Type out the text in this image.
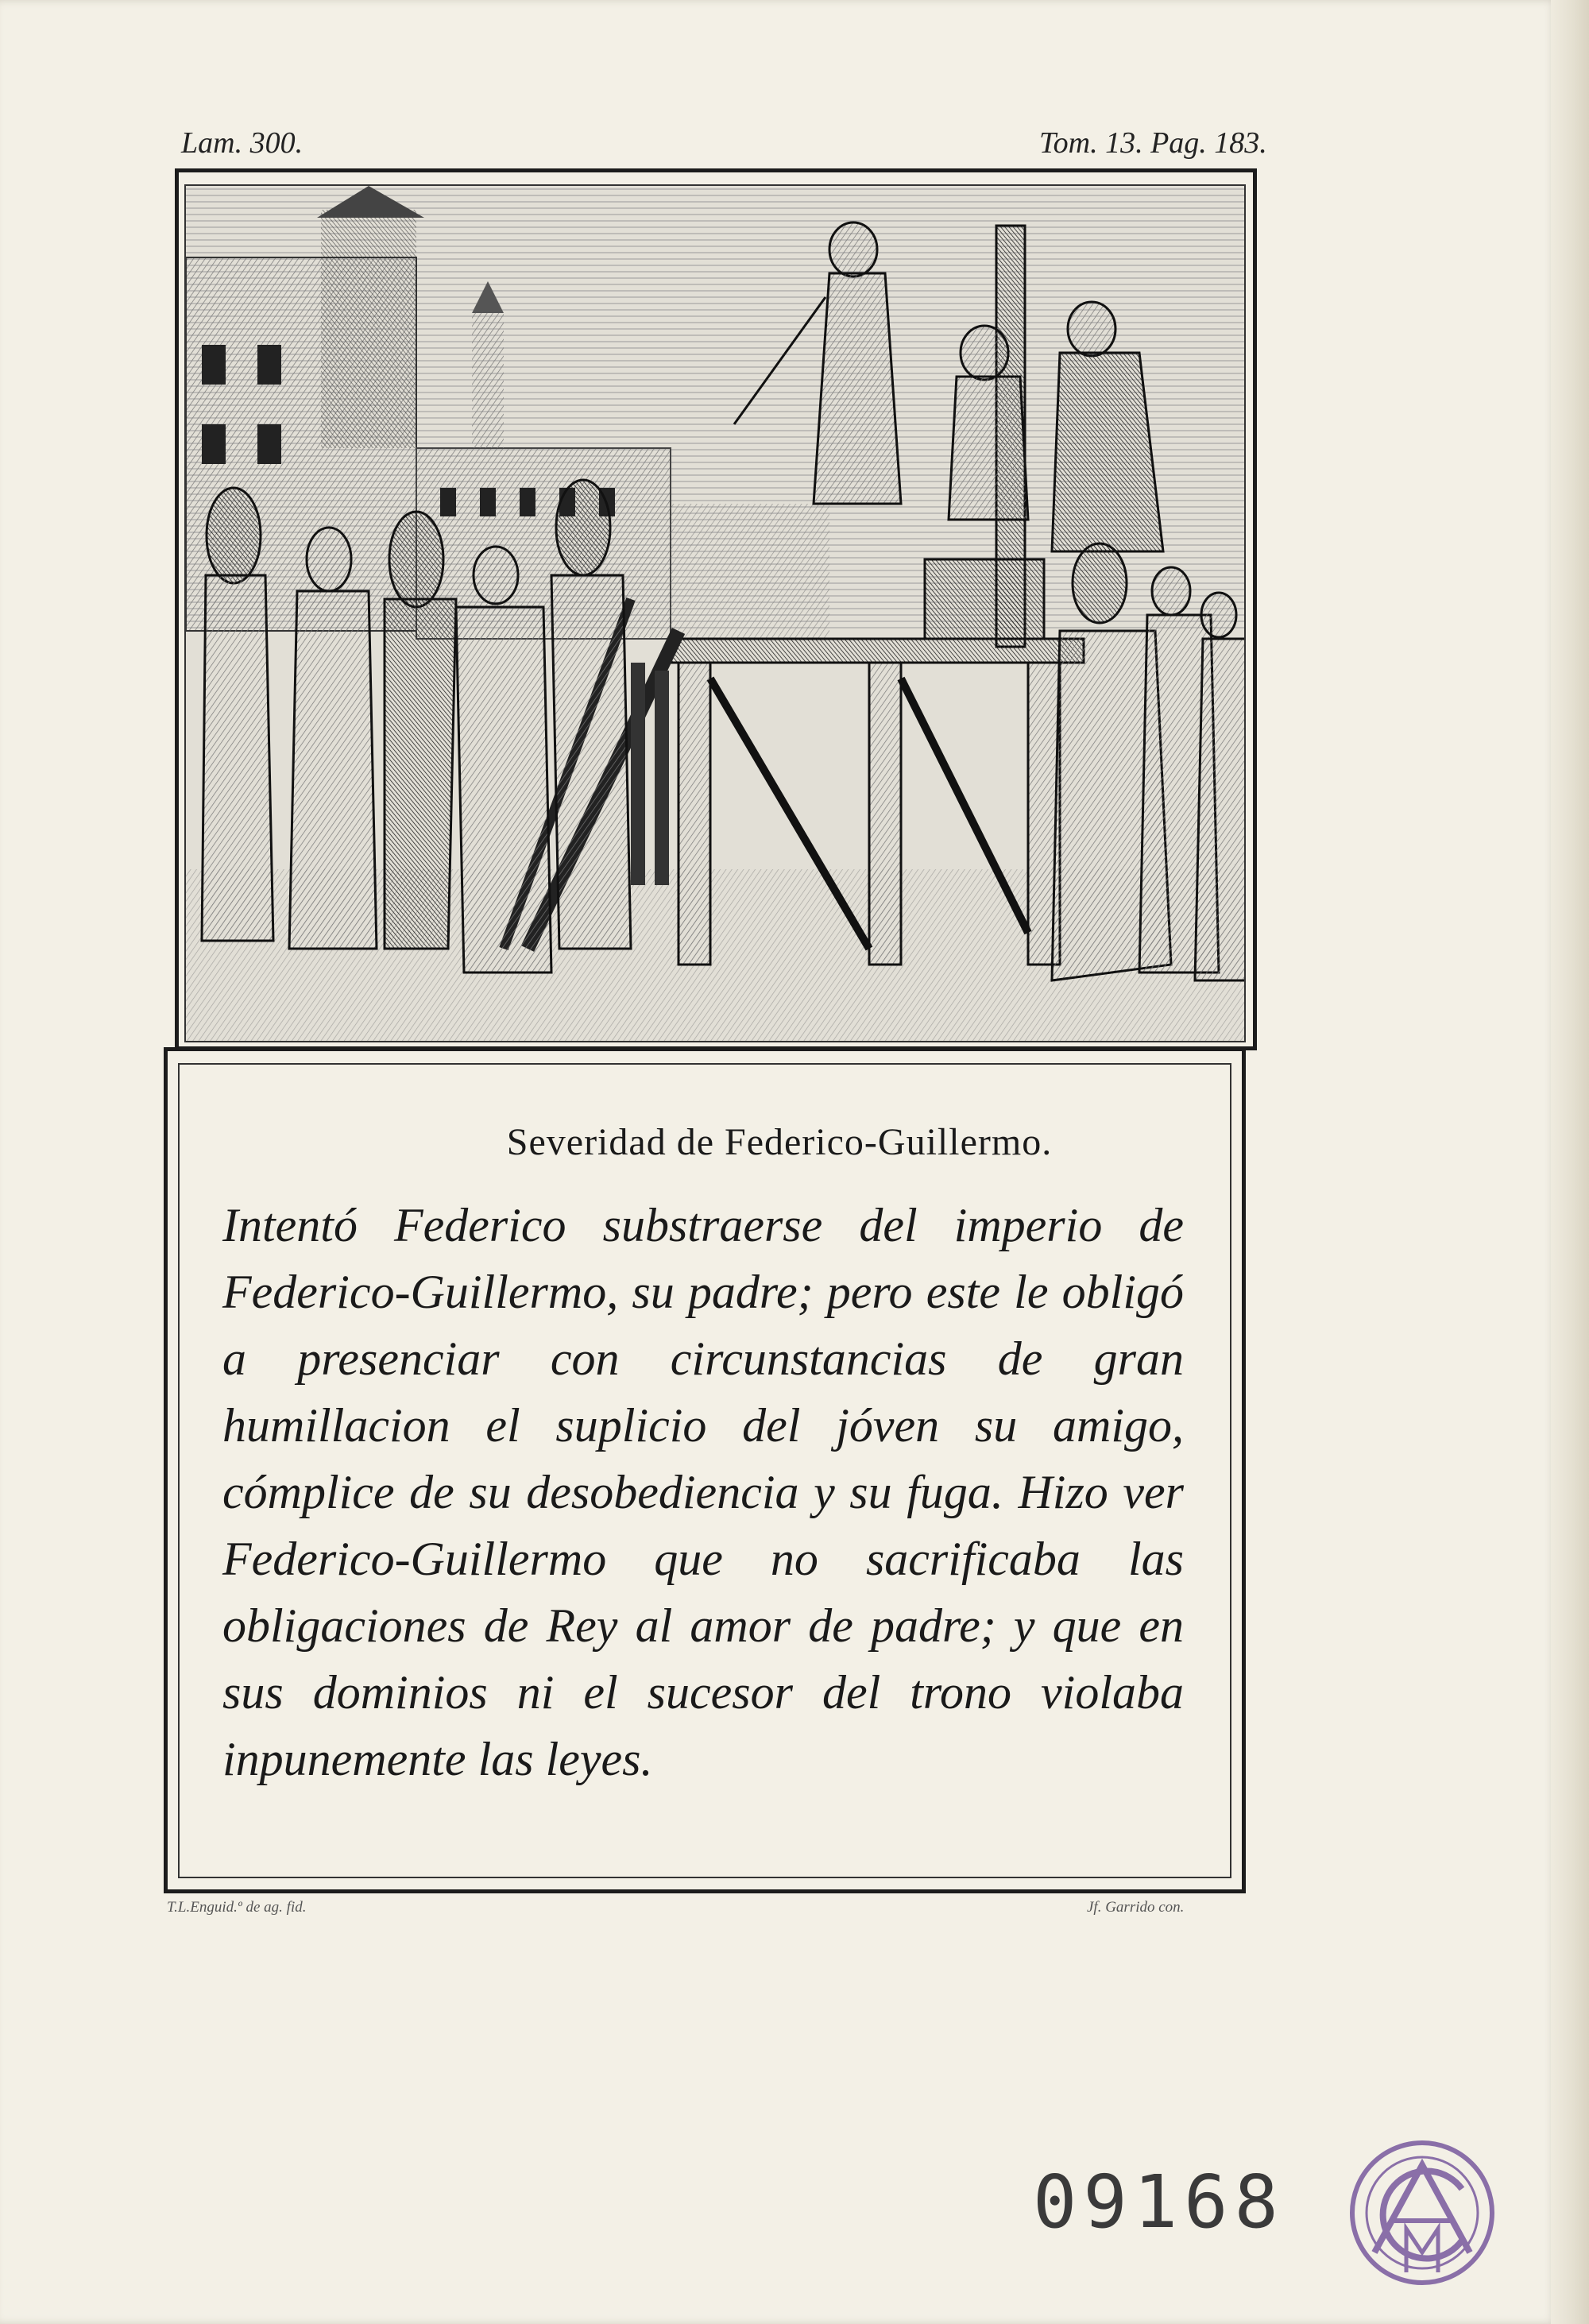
Lam. 300.	Tom. 13. Pag. 183.
Severidad de Federico-Guillermo.
Intentó Federico substraerse del imperio de Federico-Guillermo, su padre; pero este le obligó a presenciar con circunstancias de gran humillacion el suplicio del jóven su amigo, cómplice de su desobediencia y su fuga. Hizo ver Federico-Guillermo que no sacrificaba las obligaciones de Rey al amor de padre; y que en sus dominios ni el sucesor del trono violaba inpunemente las leyes.
T.L.Enguid.º de ag. fid.	Jf. Garrido con.
09168
